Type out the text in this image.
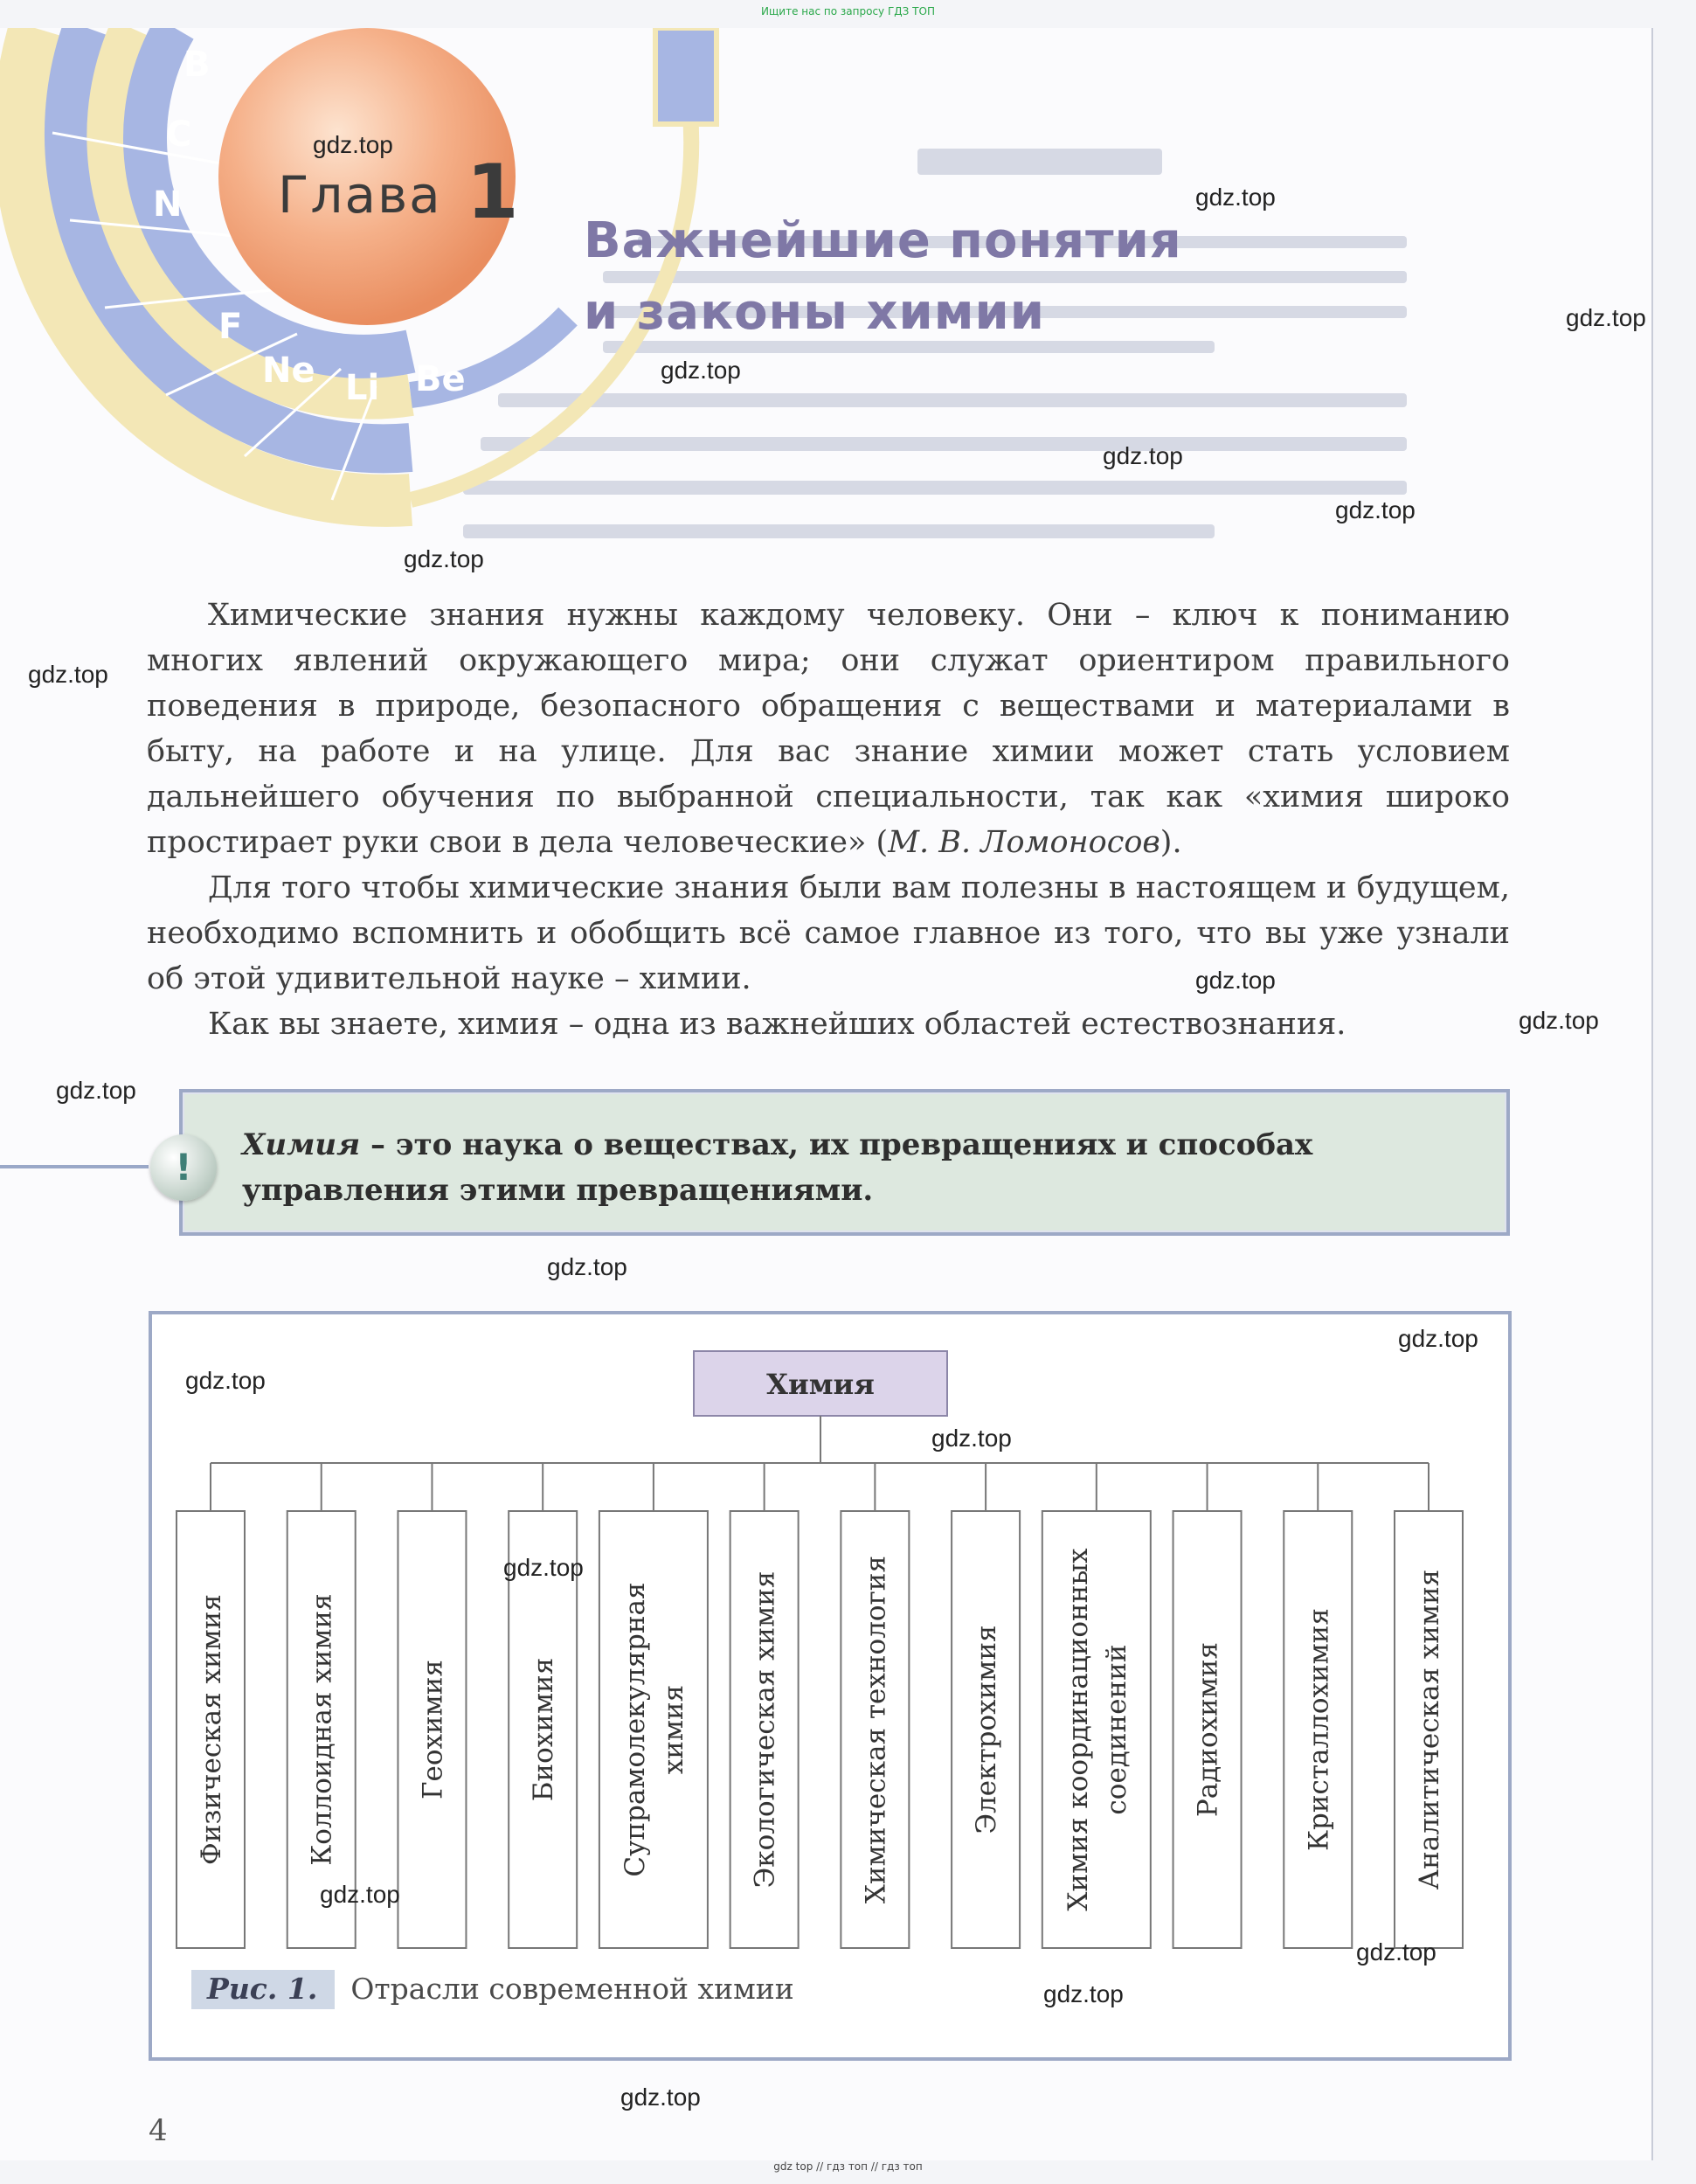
Ищите нас по запросу ГДЗ ТОП
B
C
N
F
Ne Li Be
Глава 1
Важнейшие понятия
и законы химии

Химические знания нужны каждому человеку. Они – ключ к пониманию многих явлений окружающего мира; они служат ориентиром правильного поведения в природе, безопасного обращения с веществами и материалами в быту, на работе и на улице. Для вас знание химии может стать условием дальнейшего обучения по выбранной специальности, так как «химия широко простирает руки свои в дела человеческие» (М. В. Ломоносов).

Для того чтобы химические знания были вам полезны в настоящем и будущем, необходимо вспомнить и обобщить всё самое главное из того, что вы уже узнали об этой удивительной науке – химии.

Как вы знаете, химия – одна из важнейших областей естествознания.

Химия – это наука о веществах, их превращениях и способах управления этими превращениями.
!
Химия
Физическая химия	Коллоидная химия	Геохимия	Биохимия Супрамолекулярная химия Экологическая химия	Химическая технология	Электрохимия Химия координационных соединений Радиохимия	Кристаллохимия	Аналитическая химия
Рис. 1. Отрасли современной химии
4
gdz.top
gdz.top
gdz.top
gdz.top
gdz.top
gdz.top
gdz.top
gdz.top
gdz.top
gdz.top
gdz.top
gdz.top
gdz.top
gdz.top
gdz.top
gdz.top
gdz.top
gdz.top
gdz.top
gdz.top
gdz top // гдз топ // гдз топ
